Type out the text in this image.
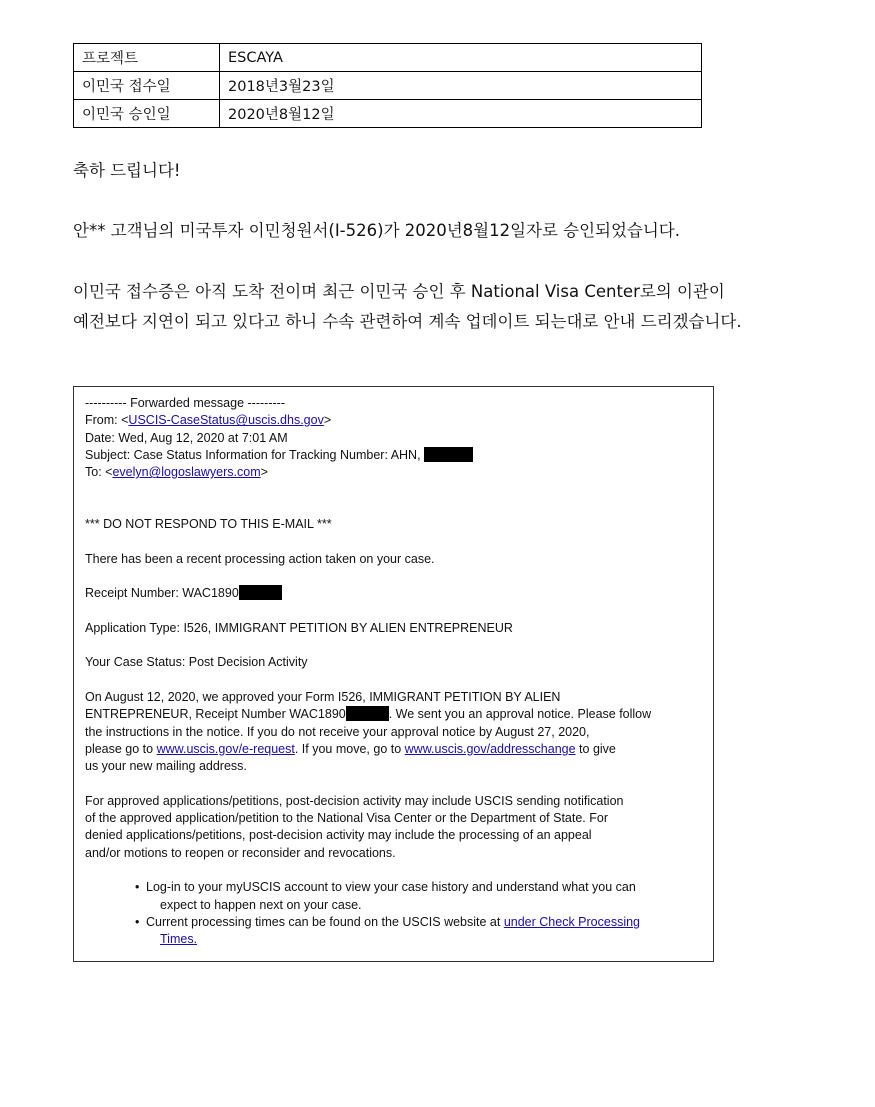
프로젝트	ESCAYA
이민국 접수일	2018년3월23일
이민국 승인일	2020년8월12일

축하 드립니다!

안** 고객님의 미국투자 이민청원서(I-526)가 2020년8월12일자로 승인되었습니다.

이민국 접수증은 아직 도착 전이며 최근 이민국 승인 후 National Visa Center로의 이관이

예전보다 지연이 되고 있다고 하니 수속 관련하여 계속 업데이트 되는대로 안내 드리겠습니다.

---------- Forwarded message ---------
From: <USCIS-CaseStatus@uscis.dhs.gov>
Date: Wed, Aug 12, 2020 at 7:01 AM
Subject: Case Status Information for Tracking Number: AHN,
To: <evelyn@logoslawyers.com>
*** DO NOT RESPOND TO THIS E-MAIL ***
There has been a recent processing action taken on your case.
Receipt Number: WAC1890
Application Type: I526, IMMIGRANT PETITION BY ALIEN ENTREPRENEUR
Your Case Status: Post Decision Activity
On August 12, 2020, we approved your Form I526, IMMIGRANT PETITION BY ALIEN
ENTREPRENEUR, Receipt Number WAC1890	. We sent you an approval notice. Please follow
the instructions in the notice. If you do not receive your approval notice by August 27, 2020,
please go to www.uscis.gov/e-request. If you move, go to www.uscis.gov/addresschange to give
us your new mailing address.
For approved applications/petitions, post-decision activity may include USCIS sending notification
of the approved application/petition to the National Visa Center or the Department of State. For
denied applications/petitions, post-decision activity may include the processing of an appeal
and/or motions to reopen or reconsider and revocations.
• Log-in to your myUSCIS account to view your case history and understand what you can
expect to happen next on your case.
• Current processing times can be found on the USCIS website at under Check Processing
Times.
